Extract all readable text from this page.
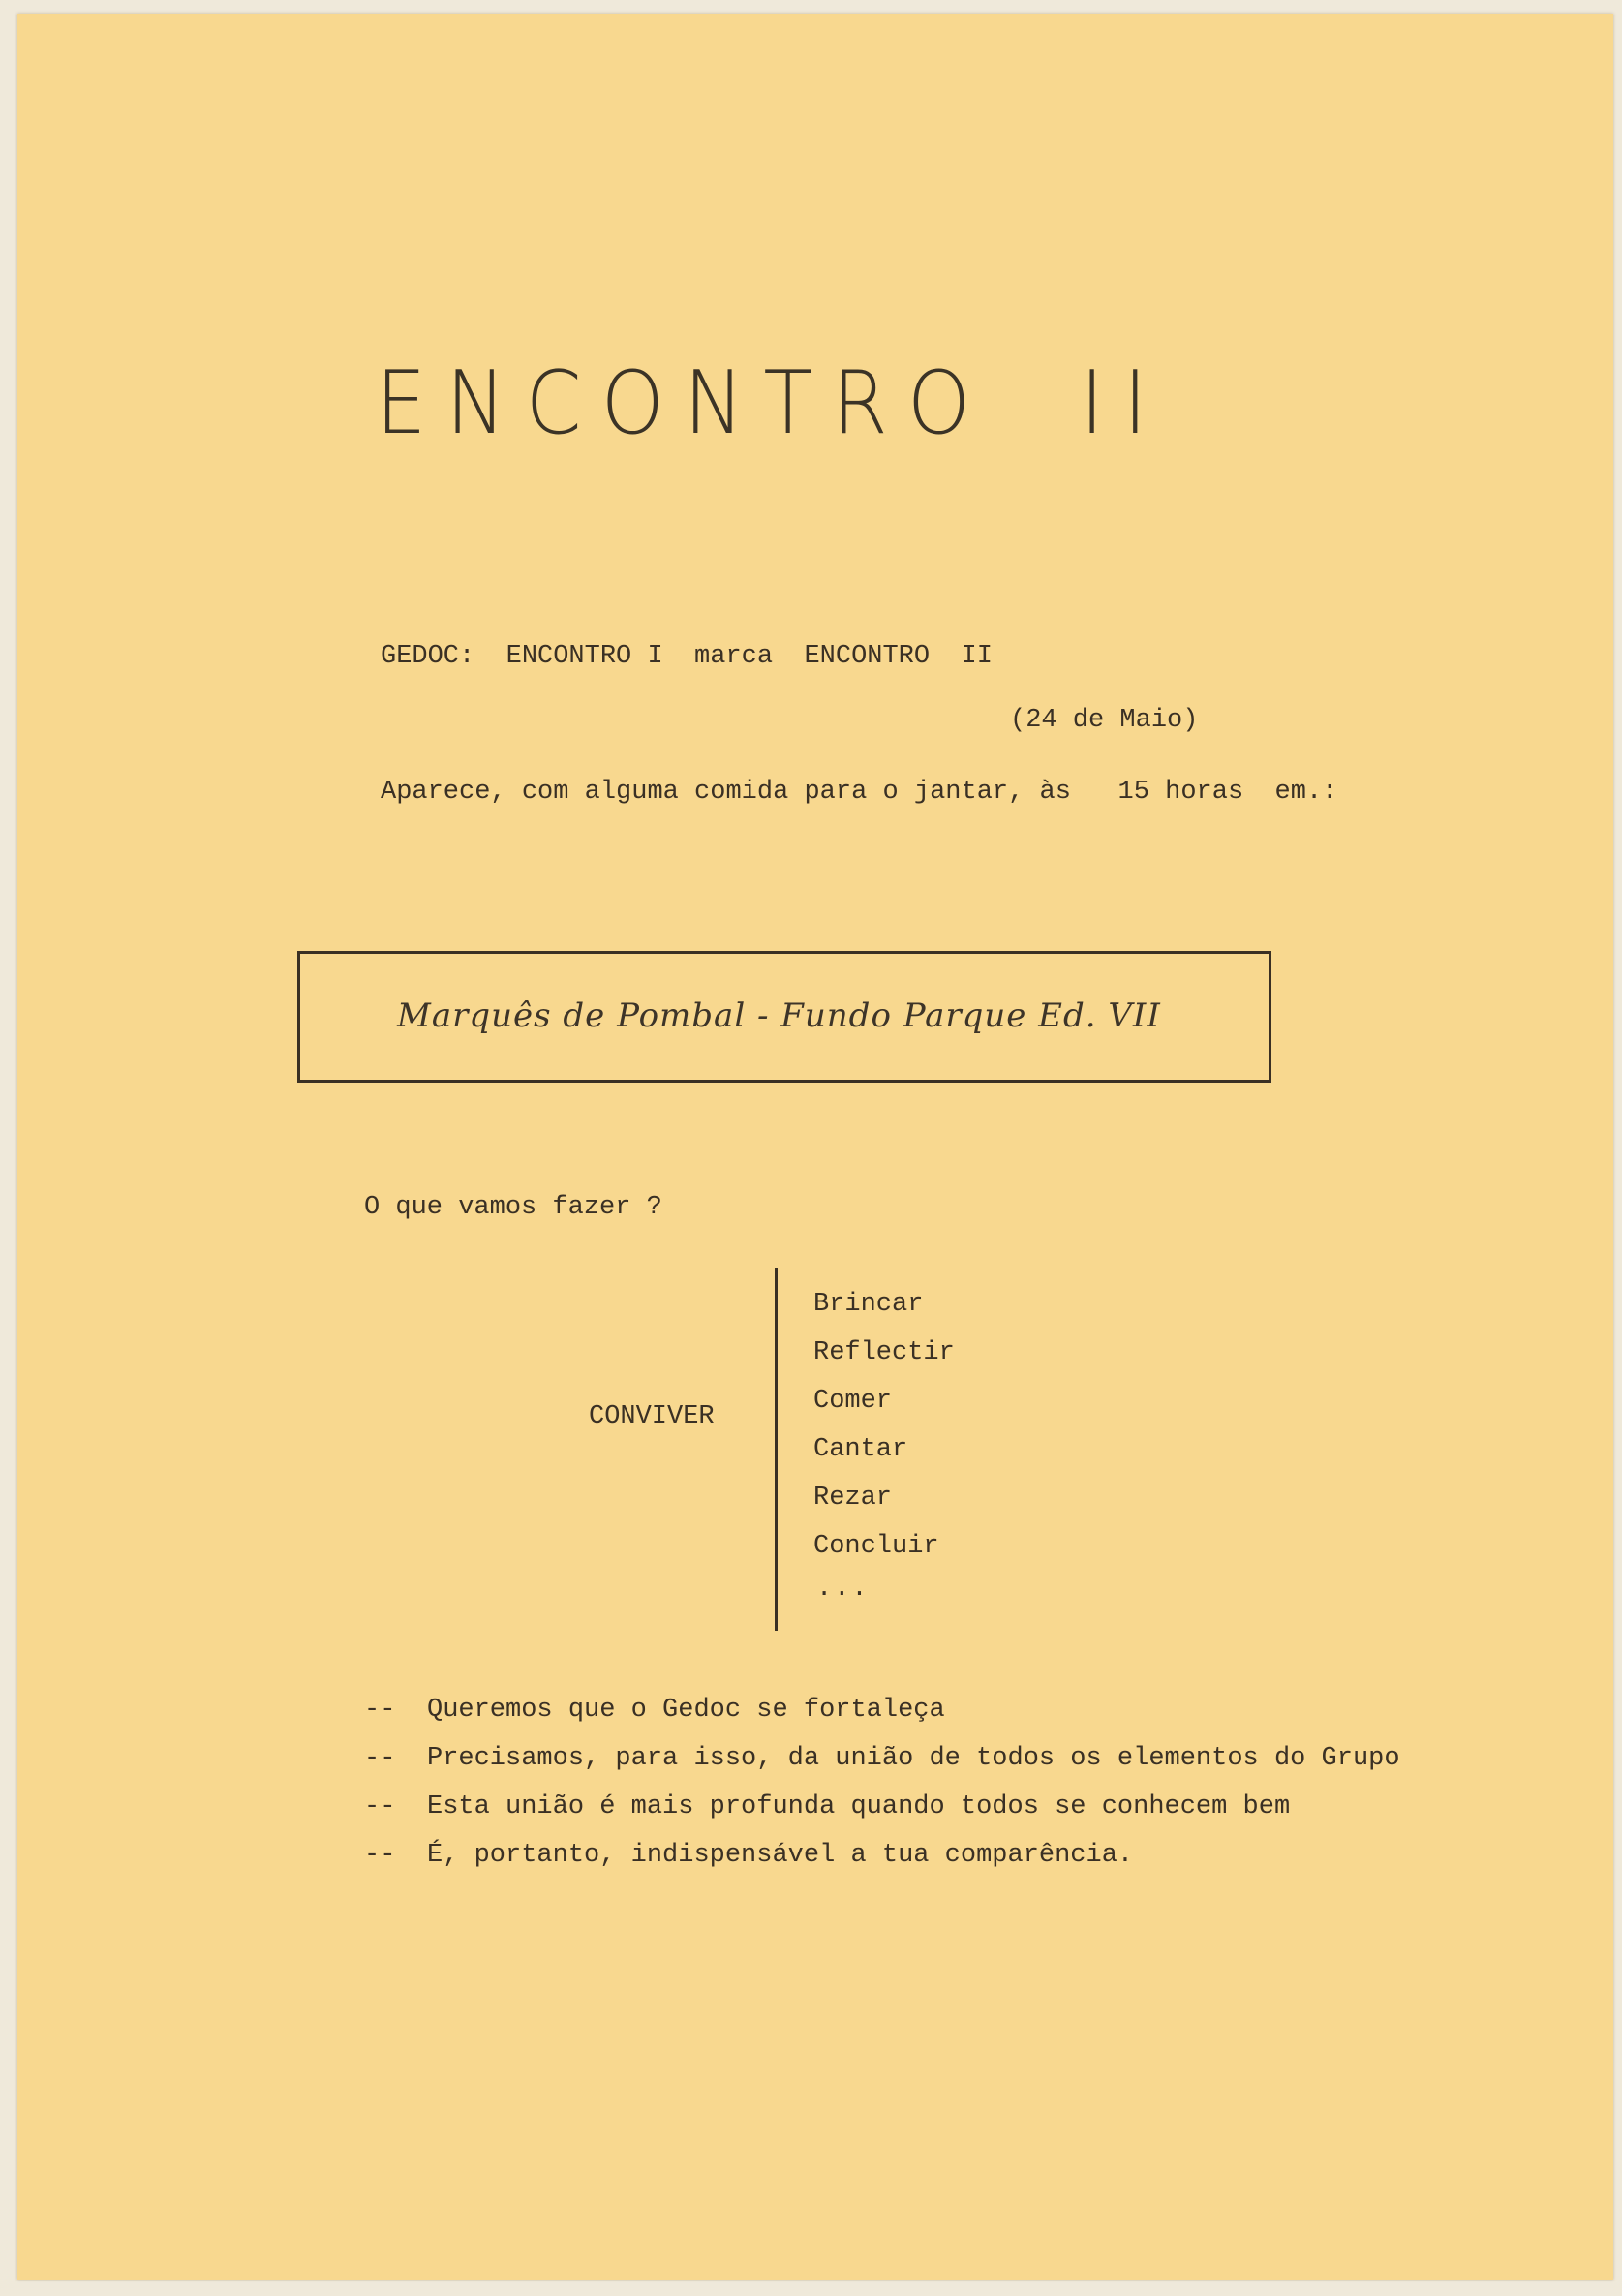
ENCONTRO  II
GEDOC:  ENCONTRO I  marca  ENCONTRO  II
(24 de Maio)
Aparece, com alguma comida para o jantar, às   15 horas  em.:
Marquês de Pombal - Fundo Parque Ed. VII
O que vamos fazer ?
CONVIVER
Brincar
Reflectir
Comer
Cantar
Rezar
Concluir
...
-- Queremos que o Gedoc se fortaleça
-- Precisamos, para isso, da união de todos os elementos do Grupo
-- Esta união é mais profunda quando todos se conhecem bem
-- É, portanto, indispensável a tua comparência.
